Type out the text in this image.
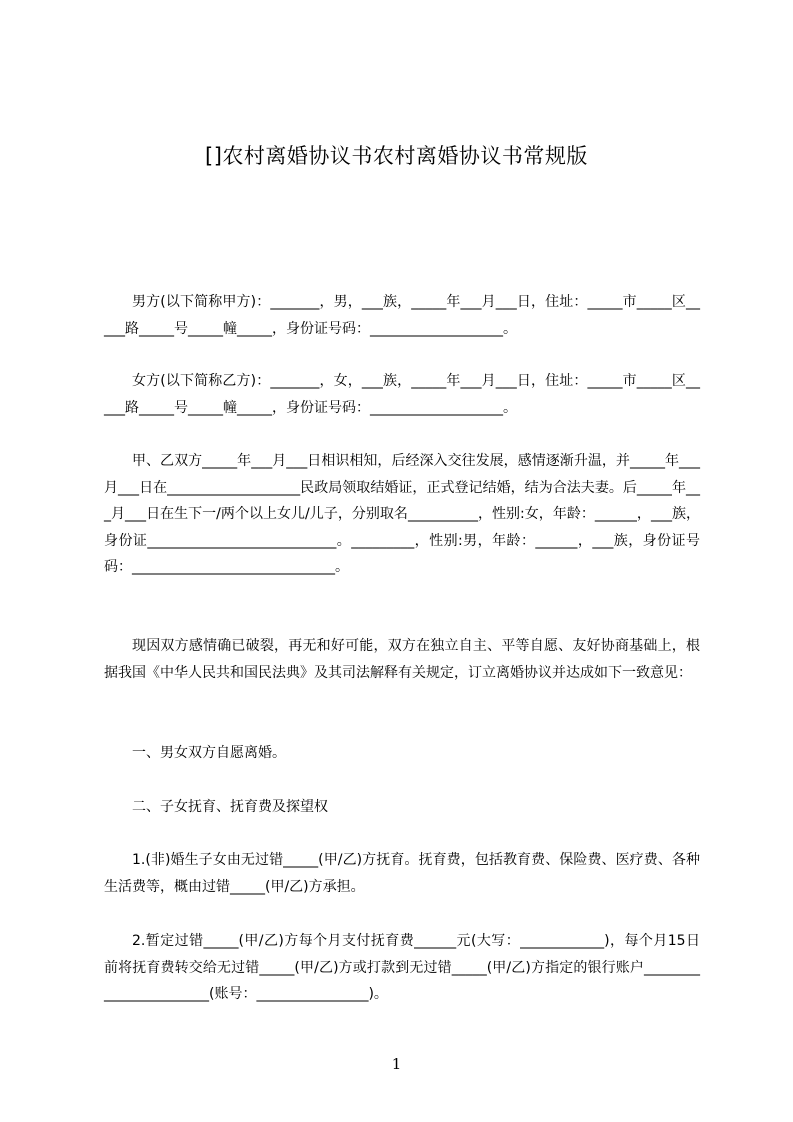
[]农村离婚协议书农村离婚协议书常规版

男方(以下简称甲方)：_______，男，___族，_____年___月___日，住址：_____市_____区_____路_____号_____幢_____，身份证号码：___________________。

女方(以下简称乙方)：_______，女，___族，_____年___月___日，住址：_____市_____区_____路_____号_____幢_____，身份证号码：___________________。

甲、乙双方_____年___月___日相识相知，后经深入交往发展，感情逐渐升温，并_____年___月___日在___________________民政局领取结婚证，正式登记结婚，结为合法夫妻。后_____年___月___日在生下一/两个以上女儿/儿子，分别取名__________，性别:女，年龄：______，___族，身份证___________________________。_________，性别:男，年龄：______，___族，身份证号码：_____________________________。

现因双方感情确已破裂，再无和好可能，双方在独立自主、平等自愿、友好协商基础上，根据我国《中华人民共和国民法典》及其司法解释有关规定，订立离婚协议并达成如下一致意见：

一、男女双方自愿离婚。

二、子女抚育、抚育费及探望权

1.(非)婚生子女由无过错_____(甲/乙)方抚育。抚育费，包括教育费、保险费、医疗费、各种生活费等，概由过错_____(甲/乙)方承担。

2.暂定过错_____(甲/乙)方每个月支付抚育费______元(大写：____________)，每个月15日前将抚育费转交给无过错_____(甲/乙)方或打款到无过错_____(甲/乙)方指定的银行账户_______________________(账号：________________)。

1
